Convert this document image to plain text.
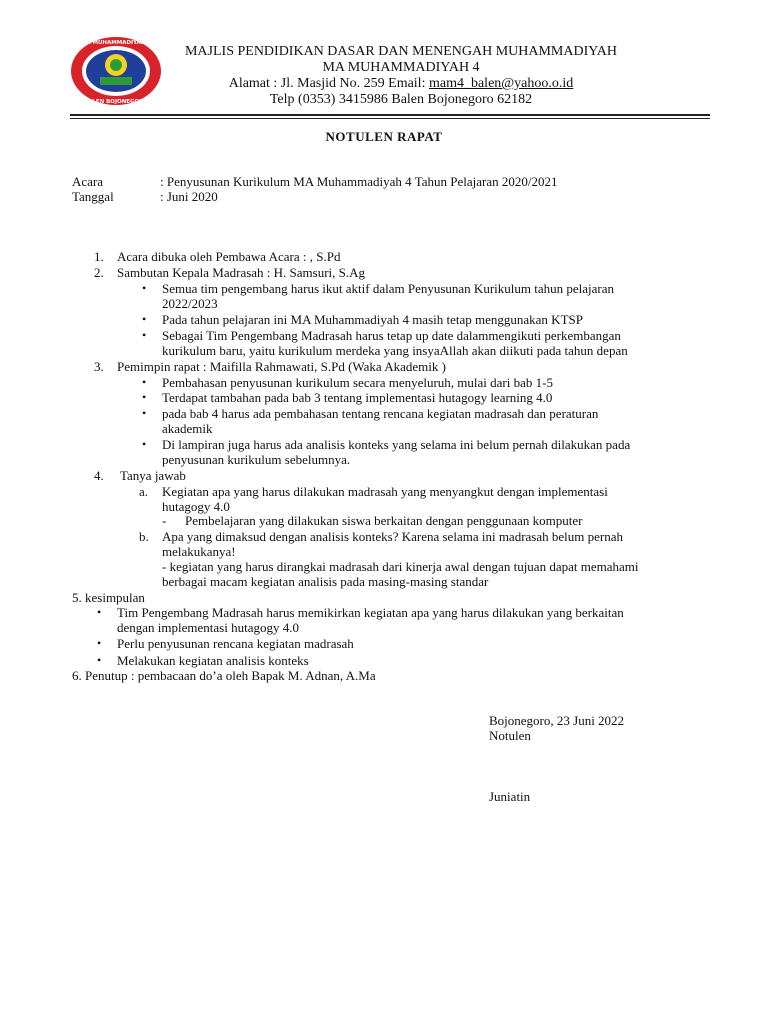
MA MUHAMMADIYAH 4
BALEN BOJONEGORO
MAJLIS PENDIDIKAN DASAR DAN MENENGAH MUHAMMADIYAH
MA MUHAMMADIYAH 4
Alamat : Jl. Masjid No. 259 Email: mam4_balen@yahoo.o.id
Telp (0353) 3415986 Balen Bojonegoro 62182
NOTULEN RAPAT
Acara	: Penyusunan Kurikulum MA Muhammadiyah 4 Tahun Pelajaran 2020/2021
Tanggal	: Juni 2020
1. Acara dibuka oleh Pembawa Acara : , S.Pd
2. Sambutan Kepala Madrasah : H. Samsuri, S.Ag
• Semua tim pengembang harus ikut aktif dalam Penyusunan Kurikulum tahun pelajaran
2022/2023
• Pada tahun pelajaran ini MA Muhammadiyah 4 masih tetap menggunakan KTSP
• Sebagai Tim Pengembang Madrasah harus tetap up date dalammengikuti perkembangan
kurikulum baru, yaitu kurikulum merdeka yang insyaAllah akan diikuti pada tahun depan
3. Pemimpin rapat : Maifilla Rahmawati, S.Pd (Waka Akademik )
• Pembahasan penyusunan kurikulum secara menyeluruh, mulai dari bab 1-5
• Terdapat tambahan pada bab 3 tentang implementasi hutagogy learning 4.0
• pada bab 4 harus ada pembahasan tentang rencana kegiatan madrasah dan peraturan
akademik
• Di lampiran juga harus ada analisis konteks yang selama ini belum pernah dilakukan pada
penyusunan kurikulum sebelumnya.
4. Tanya jawab
a. Kegiatan apa yang harus dilakukan madrasah yang menyangkut dengan implementasi
hutagogy 4.0
- Pembelajaran yang dilakukan siswa berkaitan dengan penggunaan komputer
b. Apa yang dimaksud dengan analisis konteks? Karena selama ini madrasah belum pernah
melakukanya!
- kegiatan yang harus dirangkai madrasah dari kinerja awal dengan tujuan dapat memahami
berbagai macam kegiatan analisis pada masing-masing standar
5. kesimpulan
• Tim Pengembang Madrasah harus memikirkan kegiatan apa yang harus dilakukan yang berkaitan
dengan implementasi hutagogy 4.0
• Perlu penyusunan rencana kegiatan madrasah
• Melakukan kegiatan analisis konteks
6. Penutup : pembacaan do’a oleh Bapak M. Adnan, A.Ma
Bojonegoro, 23 Juni 2022
Notulen
Juniatin
